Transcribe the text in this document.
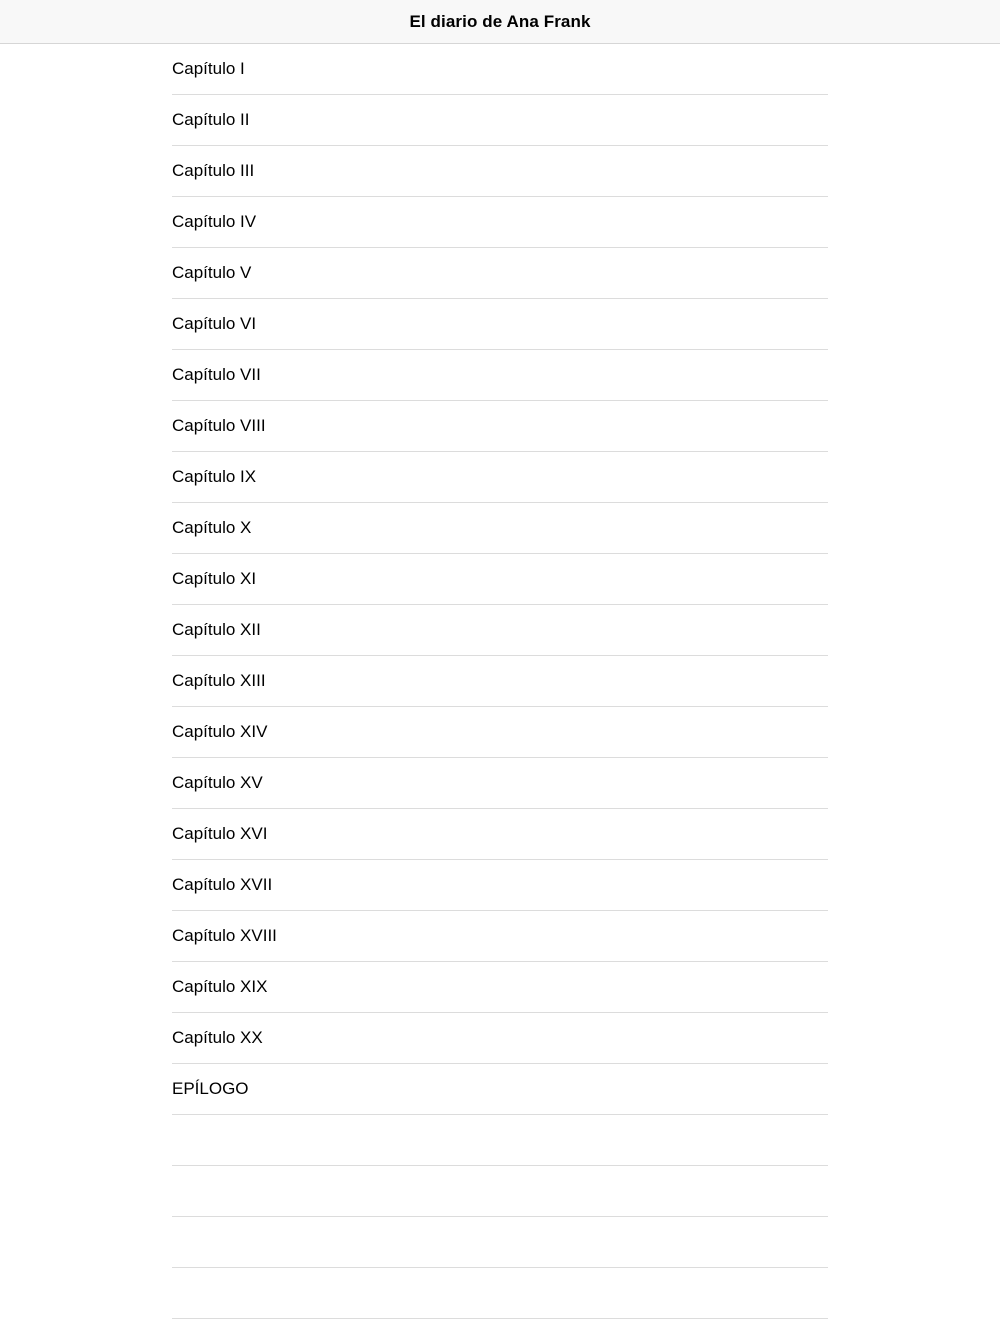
El diario de Ana Frank
Capítulo I
Capítulo II
Capítulo III
Capítulo IV
Capítulo V
Capítulo VI
Capítulo VII
Capítulo VIII
Capítulo IX
Capítulo X
Capítulo XI
Capítulo XII
Capítulo XIII
Capítulo XIV
Capítulo XV
Capítulo XVI
Capítulo XVII
Capítulo XVIII
Capítulo XIX
Capítulo XX
EPÍLOGO
